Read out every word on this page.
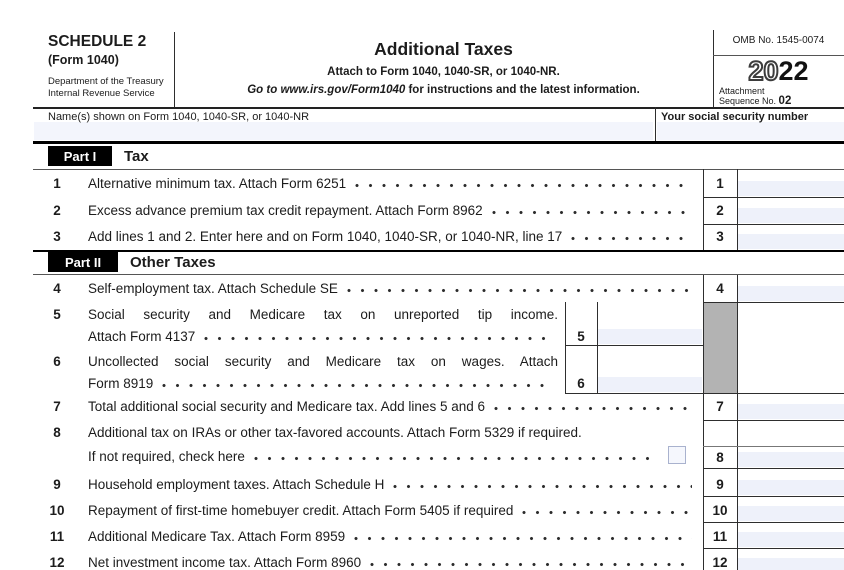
SCHEDULE 2
(Form 1040)
Department of the Treasury
Internal Revenue Service
Additional Taxes
Attach to Form 1040, 1040-SR, or 1040-NR.
Go to www.irs.gov/Form1040 for instructions and the latest information.
OMB No. 1545-0074
2022
Attachment
Sequence No. 02
Name(s) shown on Form 1040, 1040-SR, or 1040-NR	Your social security number
Part I	Tax
1	Alternative minimum tax. Attach Form 6251	1
2	Excess advance premium tax credit repayment. Attach Form 8962	2
3	Add lines 1 and 2. Enter here and on Form 1040, 1040-SR, or 1040-NR, line 17	3
Part II	Other Taxes
4	Self-employment tax. Attach Schedule SE	4
5	Social security and Medicare tax on unreported tip income.
Attach Form 4137	5
6	Uncollected social security and Medicare tax on wages. Attach
Form 8919	6
7	Total additional social security and Medicare tax. Add lines 5 and 6	7
8	Additional tax on IRAs or other tax-favored accounts. Attach Form 5329 if required.
If not required, check here	8
9	Household employment taxes. Attach Schedule H	9
10	Repayment of first-time homebuyer credit. Attach Form 5405 if required	10
11	Additional Medicare Tax. Attach Form 8959	11
12	Net investment income tax. Attach Form 8960	12
